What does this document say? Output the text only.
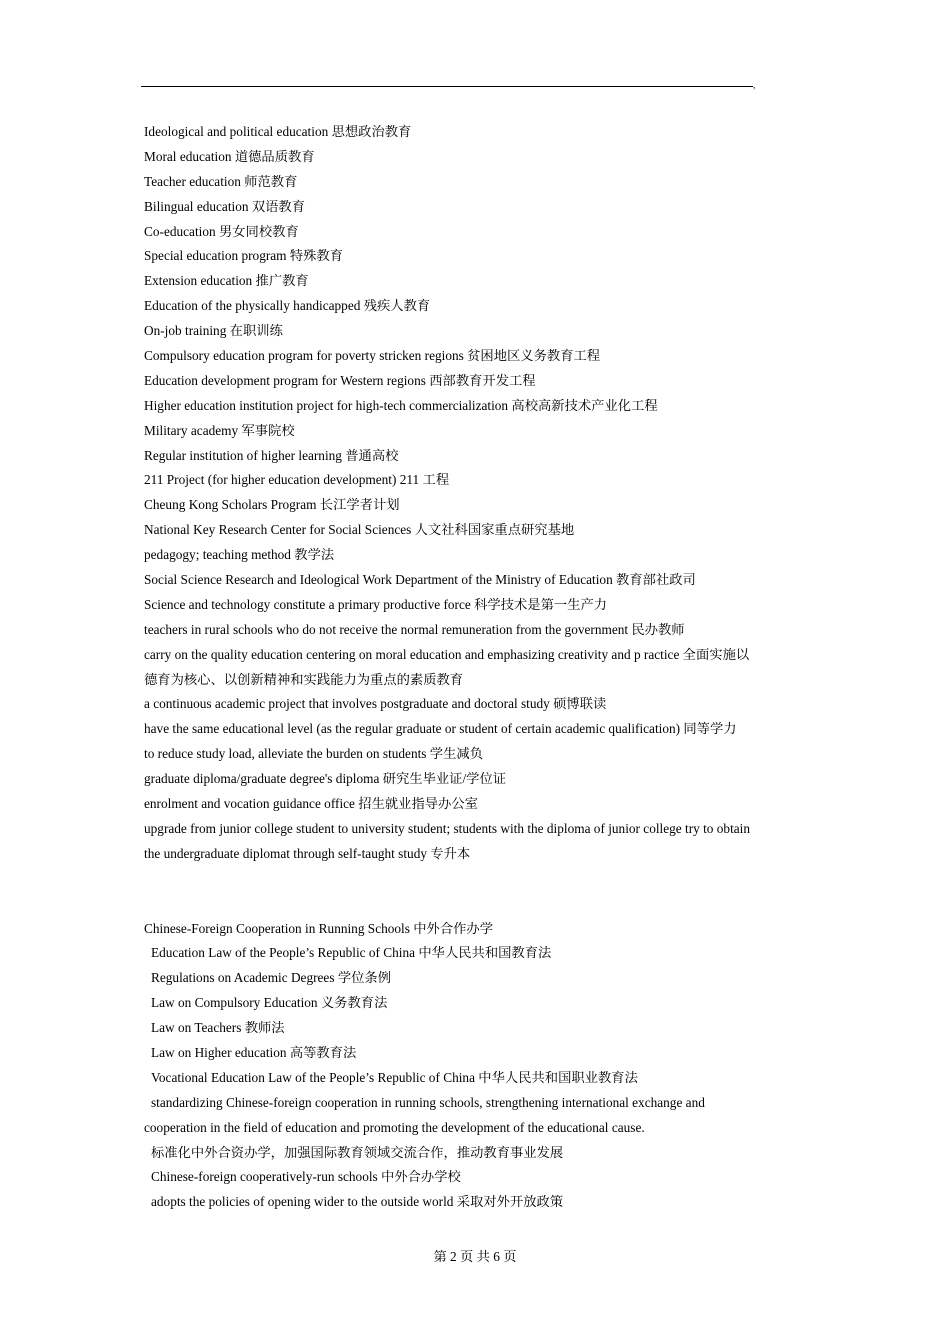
,
Ideological and political education 思想政治教育
Moral education 道德品质教育
Teacher education 师范教育
Bilingual education 双语教育
Co-education 男女同校教育
Special education program 特殊教育
Extension education 推广教育
Education of the physically handicapped 残疾人教育
On-job training 在职训练
Compulsory education program for poverty stricken regions 贫困地区义务教育工程
Education development program for Western regions 西部教育开发工程
Higher education institution project for high-tech commercialization 高校高新技术产业化工程
Military academy 军事院校
Regular institution of higher learning 普通高校
211 Project (for higher education development) 211 工程
Cheung Kong Scholars Program 长江学者计划
National Key Research Center for Social Sciences 人文社科国家重点研究基地
pedagogy; teaching method 教学法
Social Science Research and Ideological Work Department of the Ministry of Education 教育部社政司
Science and technology constitute a primary productive force 科学技术是第一生产力
teachers in rural schools who do not receive the normal remuneration from the government 民办教师
carry on the quality education centering on moral education and emphasizing creativity and p ractice 全面实施以
德育为核心、以创新精神和实践能力为重点的素质教育
a continuous academic project that involves postgraduate and doctoral study 硕博联读
have the same educational level (as the regular graduate or student of certain academic qualification) 同等学力
to reduce study load, alleviate the burden on students 学生减负
graduate diploma/graduate degree's diploma 研究生毕业证/学位证
enrolment and vocation guidance office 招生就业指导办公室
upgrade from junior college student to university student; students with the diploma of junior college try to obtain
the undergraduate diplomat through self-taught study 专升本
Chinese-Foreign Cooperation in Running Schools 中外合作办学
Education Law of the People’s Republic of China 中华人民共和国教育法
Regulations on Academic Degrees 学位条例
Law on Compulsory Education 义务教育法
Law on Teachers 教师法
Law on Higher education 高等教育法
Vocational Education Law of the People’s Republic of China 中华人民共和国职业教育法
standardizing Chinese-foreign cooperation in running schools, strengthening international exchange and
cooperation in the field of education and promoting the development of the educational cause.
标准化中外合资办学，加强国际教育领域交流合作，推动教育事业发展
Chinese-foreign cooperatively-run schools 中外合办学校
adopts the policies of opening wider to the outside world 采取对外开放政策
第 2 页 共 6 页
